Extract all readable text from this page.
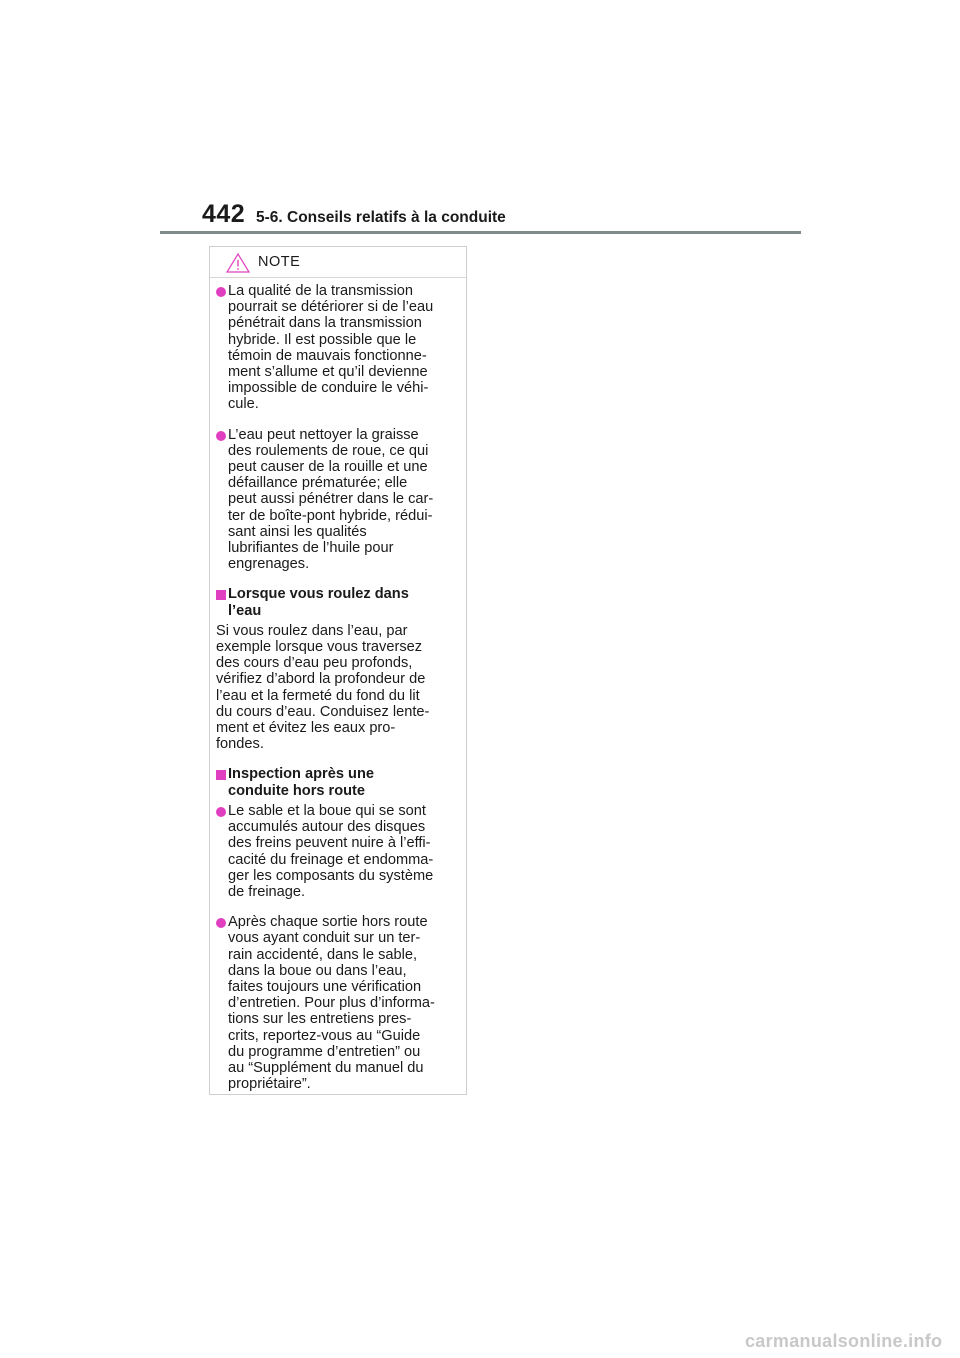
442 5-6. Conseils relatifs à la conduite
NOTE
La qualité de la transmission
pourrait se détériorer si de l’eau
pénétrait dans la transmission
hybride. Il est possible que le
témoin de mauvais fonctionne-
ment s’allume et qu’il devienne
impossible de conduire le véhi-
cule.
L’eau peut nettoyer la graisse
des roulements de roue, ce qui
peut causer de la rouille et une
défaillance prématurée; elle
peut aussi pénétrer dans le car-
ter de boîte-pont hybride, rédui-
sant ainsi les qualités
lubrifiantes de l’huile pour
engrenages.
Lorsque vous roulez dans
l’eau
Si vous roulez dans l’eau, par
exemple lorsque vous traversez
des cours d’eau peu profonds,
vérifiez d’abord la profondeur de
l’eau et la fermeté du fond du lit
du cours d’eau. Conduisez lente-
ment et évitez les eaux pro-
fondes.
Inspection après une
conduite hors route
Le sable et la boue qui se sont
accumulés autour des disques
des freins peuvent nuire à l’effi-
cacité du freinage et endomma-
ger les composants du système
de freinage.
Après chaque sortie hors route
vous ayant conduit sur un ter-
rain accidenté, dans le sable,
dans la boue ou dans l’eau,
faites toujours une vérification
d’entretien. Pour plus d’informa-
tions sur les entretiens pres-
crits, reportez-vous au “Guide
du programme d’entretien” ou
au “Supplément du manuel du
propriétaire”.
carmanualsonline.info
